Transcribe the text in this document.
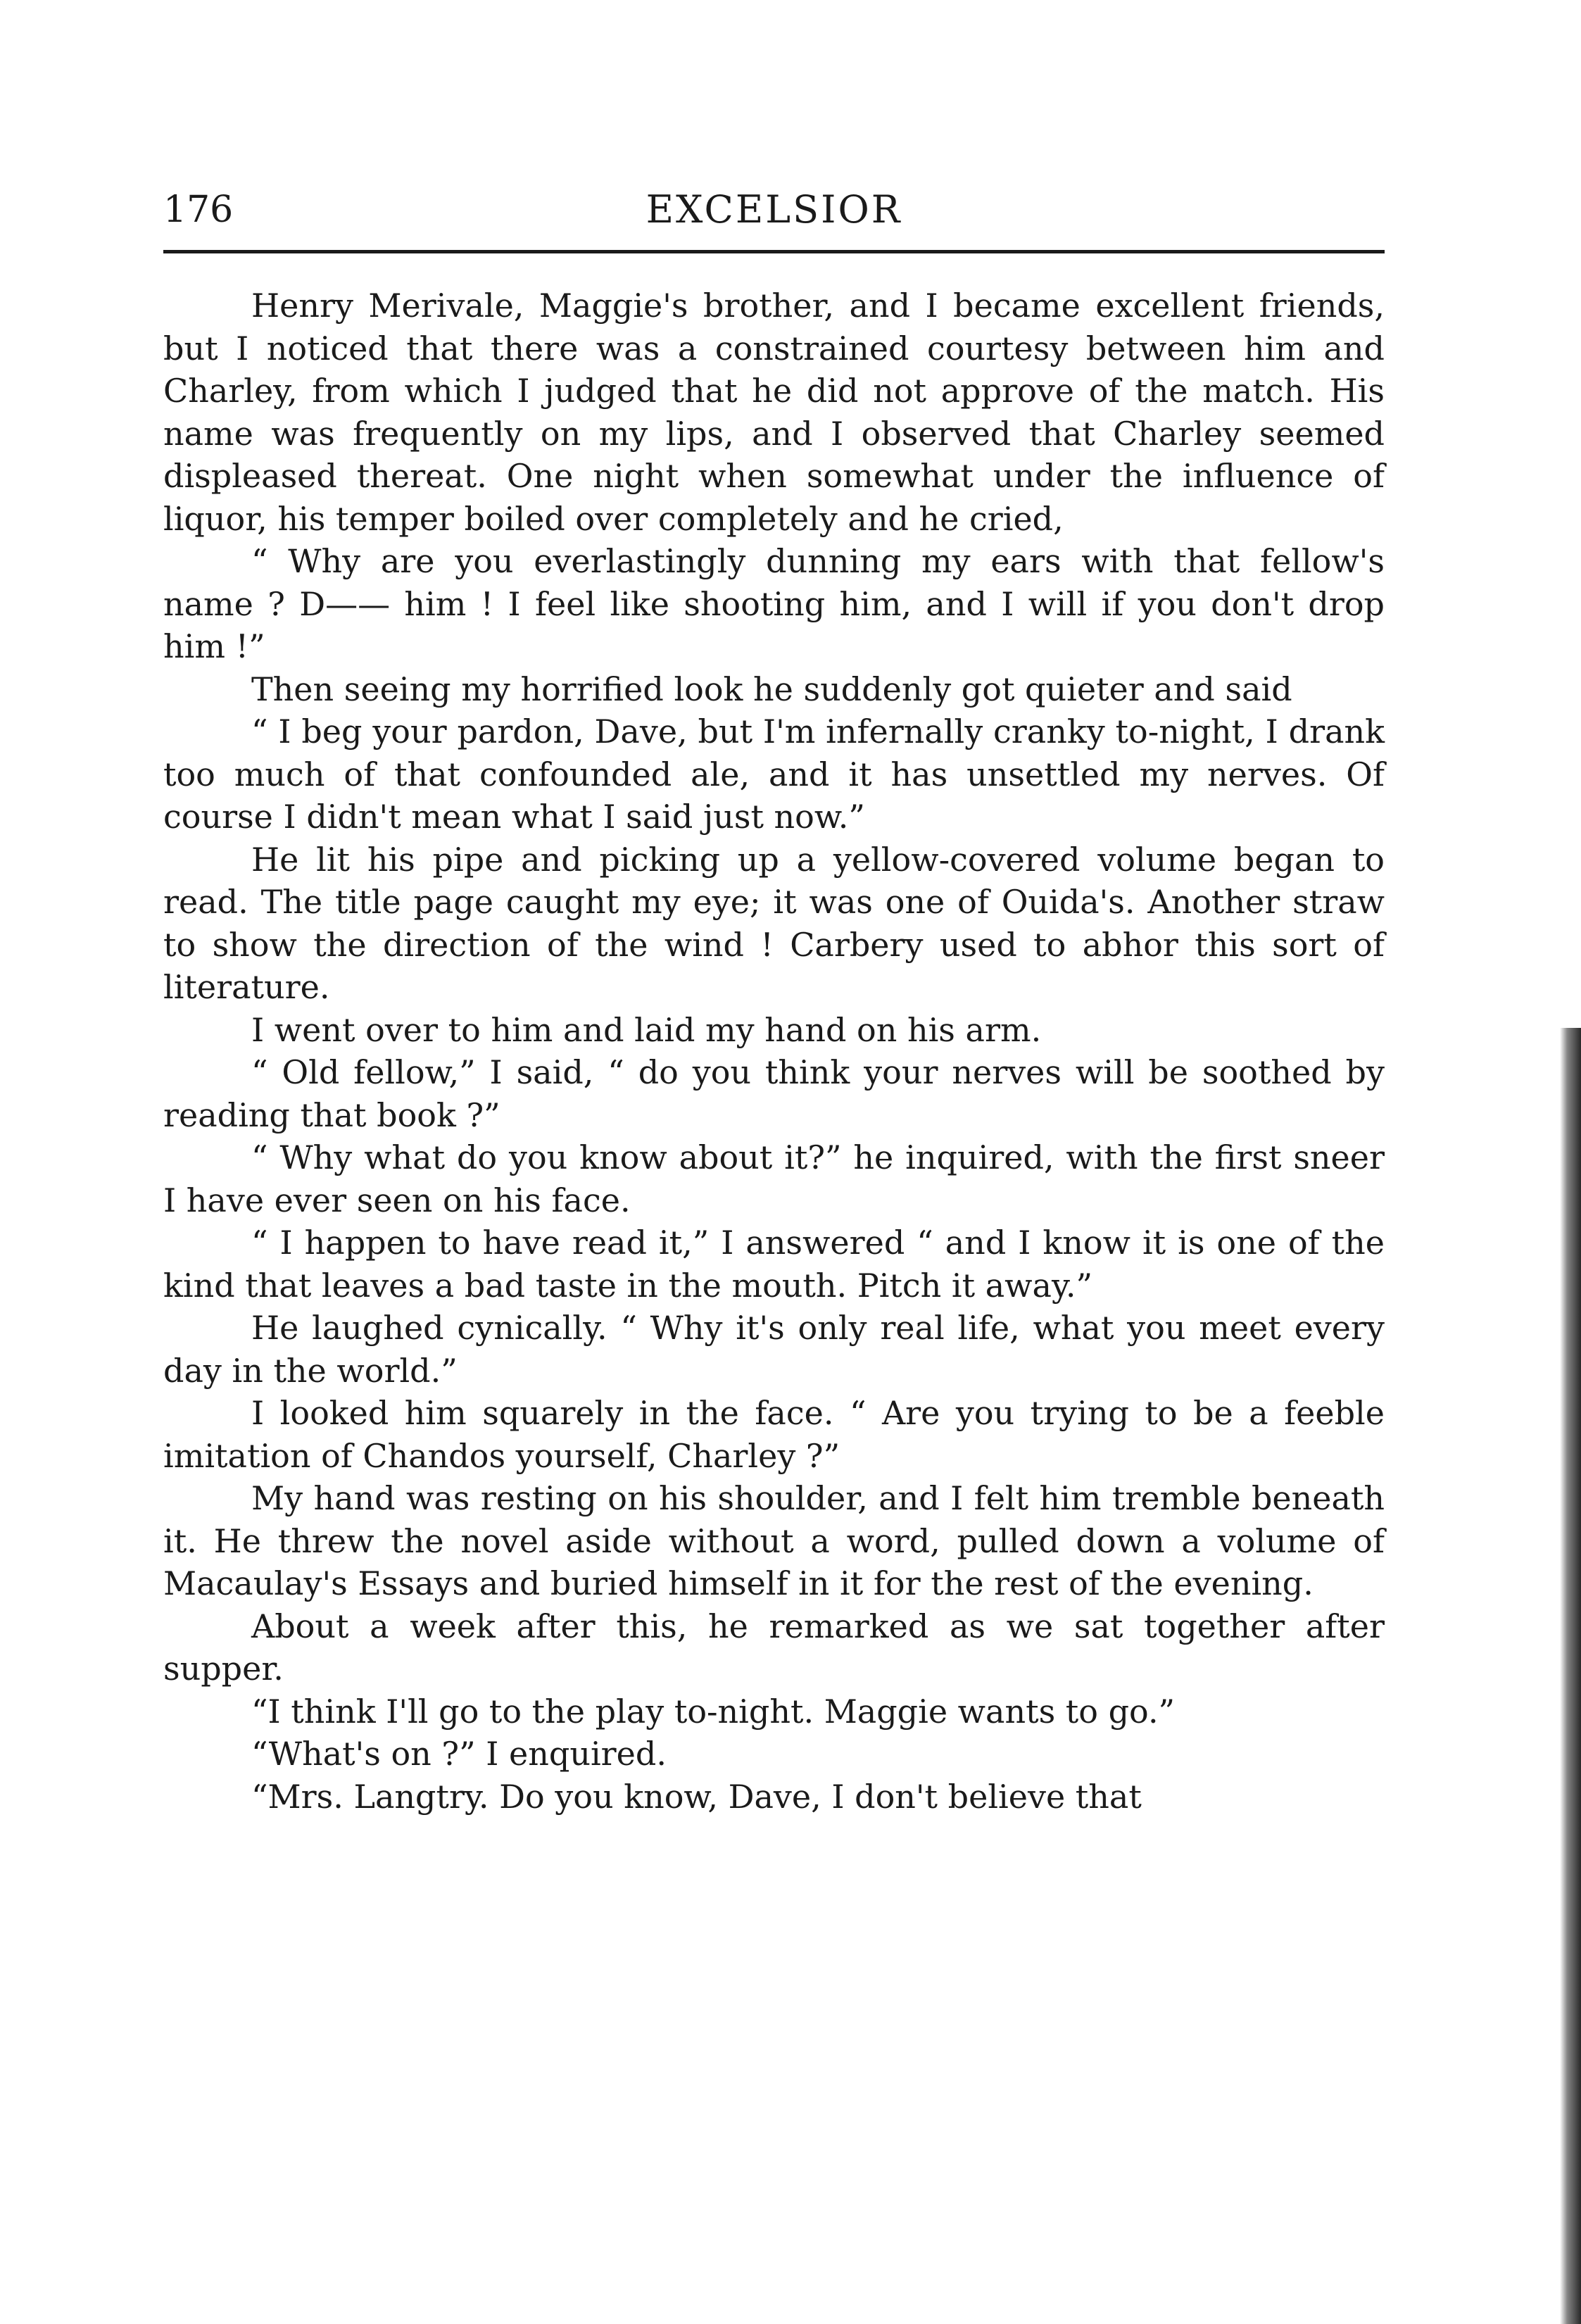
176	EXCELSIOR

Henry Merivale, Maggie's brother, and I became excellent friends, but I noticed that there was a constrained courtesy between him and Charley, from which I judged that he did not approve of the match. His name was frequently on my lips, and I observed that Charley seemed displeased thereat. One night when somewhat under the influence of liquor, his temper boiled over completely and he cried,

“ Why are you everlastingly dunning my ears with that fellow's name ? D—— him ! I feel like shooting him, and I will if you don't drop him !”

Then seeing my horrified look he suddenly got quieter and said

“ I beg your pardon, Dave, but I'm infernally cranky to-night, I drank too much of that confounded ale, and it has unsettled my nerves. Of course I didn't mean what I said just now.”

He lit his pipe and picking up a yellow-covered volume began to read. The title page caught my eye; it was one of Ouida's. Another straw to show the direction of the wind ! Carbery used to abhor this sort of literature.

I went over to him and laid my hand on his arm.

“ Old fellow,” I said, “ do you think your nerves will be soothed by reading that book ?”

“ Why what do you know about it?” he inquired, with the first sneer I have ever seen on his face.

“ I happen to have read it,” I answered “ and I know it is one of the kind that leaves a bad taste in the mouth. Pitch it away.”

He laughed cynically. “ Why it's only real life, what you meet every day in the world.”

I looked him squarely in the face. “ Are you trying to be a feeble imitation of Chandos yourself, Charley ?”

My hand was resting on his shoulder, and I felt him tremble beneath it. He threw the novel aside without a word, pulled down a volume of Macaulay's Essays and buried himself in it for the rest of the evening.

About a week after this, he remarked as we sat together after supper.

“I think I'll go to the play to-night. Maggie wants to go.”

“What's on ?” I enquired.

“Mrs. Langtry. Do you know, Dave, I don't believe that
